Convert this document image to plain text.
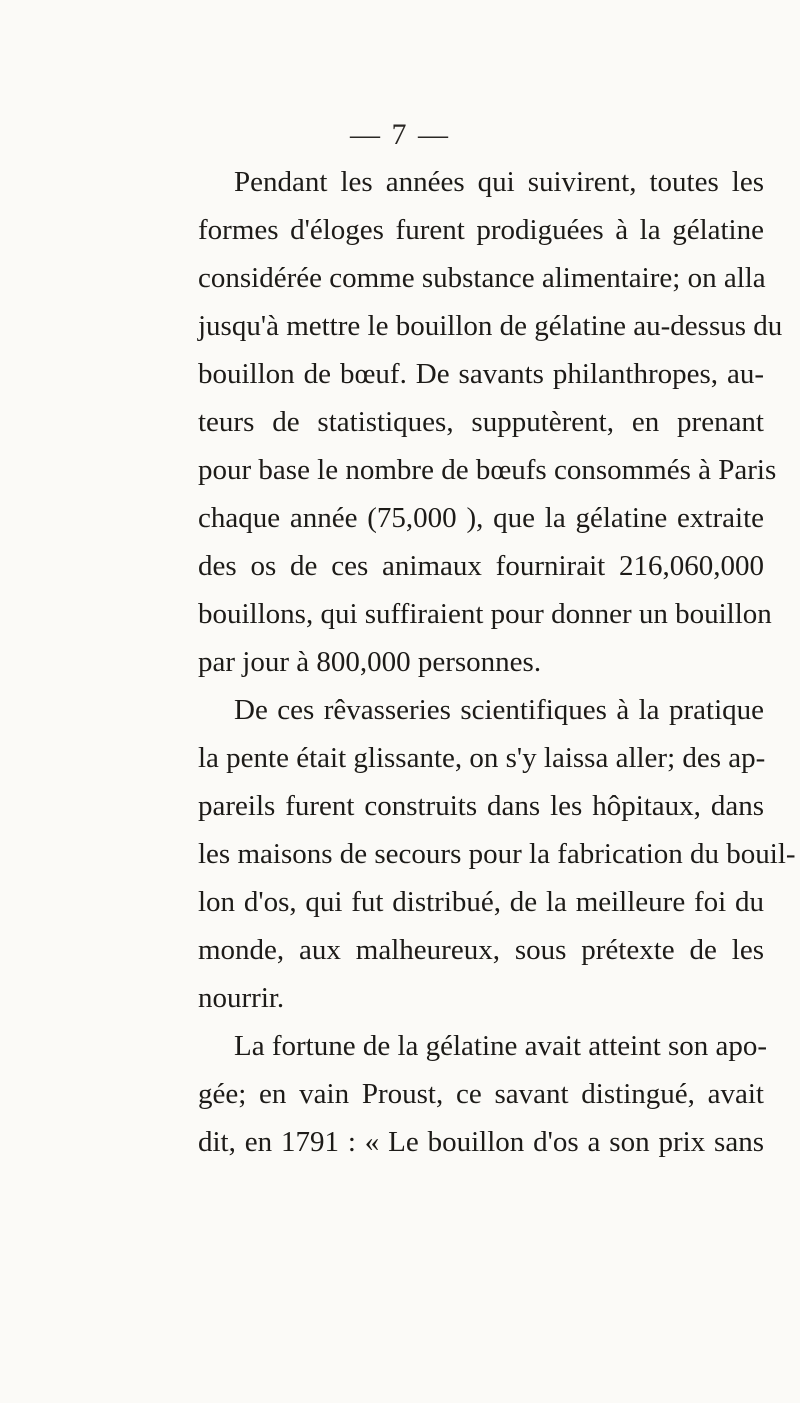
— 7 —
Pendant les années qui suivirent, toutes les
formes d'éloges furent prodiguées à la gélatine
considérée comme substance alimentaire; on alla
jusqu'à mettre le bouillon de gélatine au-dessus du
bouillon de bœuf. De savants philanthropes, au-
teurs de statistiques, supputèrent, en prenant
pour base le nombre de bœufs consommés à Paris
chaque année (75,000 ), que la gélatine extraite
des os de ces animaux fournirait 216,060,000
bouillons, qui suffiraient pour donner un bouillon
par jour à 800,000 personnes.
De ces rêvasseries scientifiques à la pratique
la pente était glissante, on s'y laissa aller; des ap-
pareils furent construits dans les hôpitaux, dans
les maisons de secours pour la fabrication du bouil-
lon d'os, qui fut distribué, de la meilleure foi du
monde, aux malheureux, sous prétexte de les
nourrir.
La fortune de la gélatine avait atteint son apo-
gée; en vain Proust, ce savant distingué, avait
dit, en 1791 : « Le bouillon d'os a son prix sans
